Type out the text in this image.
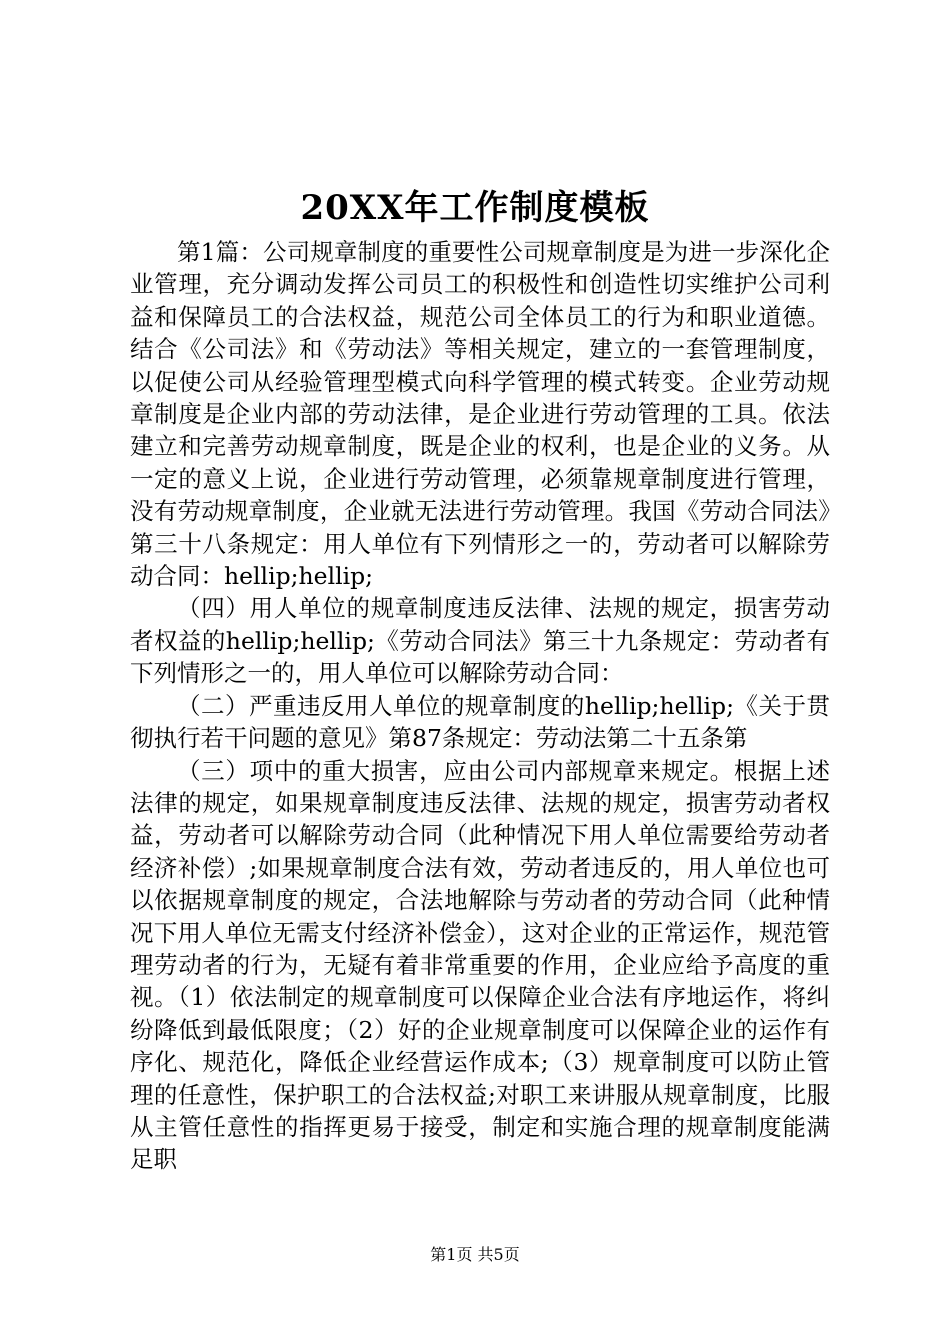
20XX年工作制度模板

第1篇：公司规章制度的重要性公司规章制度是为进一步深化企业管理，充分调动发挥公司员工的积极性和创造性切实维护公司利益和保障员工的合法权益，规范公司全体员工的行为和职业道德。结合《公司法》和《劳动法》等相关规定，建立的一套管理制度，以促使公司从经验管理型模式向科学管理的模式转变。企业劳动规章制度是企业内部的劳动法律，是企业进行劳动管理的工具。依法建立和完善劳动规章制度，既是企业的权利，也是企业的义务。从一定的意义上说，企业进行劳动管理，必须靠规章制度进行管理，没有劳动规章制度，企业就无法进行劳动管理。我国《劳动合同法》第三十八条规定：用人单位有下列情形之一的，劳动者可以解除劳动合同：hellip;hellip;

（四）用人单位的规章制度违反法律、法规的规定，损害劳动者权益的hellip;hellip;《劳动合同法》第三十九条规定：劳动者有下列情形之一的，用人单位可以解除劳动合同：

（二）严重违反用人单位的规章制度的hellip;hellip;《关于贯彻执行若干问题的意见》第87条规定：劳动法第二十五条第

（三）项中的重大损害，应由公司内部规章来规定。根据上述法律的规定，如果规章制度违反法律、法规的规定，损害劳动者权益，劳动者可以解除劳动合同（此种情况下用人单位需要给劳动者经济补偿）;如果规章制度合法有效，劳动者违反的，用人单位也可以依据规章制度的规定，合法地解除与劳动者的劳动合同（此种情况下用人单位无需支付经济补偿金），这对企业的正常运作，规范管理劳动者的行为，无疑有着非常重要的作用，企业应给予高度的重视。（1）依法制定的规章制度可以保障企业合法有序地运作，将纠纷降低到最低限度；（2）好的企业规章制度可以保障企业的运作有序化、规范化，降低企业经营运作成本;（3）规章制度可以防止管理的任意性，保护职工的合法权益;对职工来讲服从规章制度，比服从主管任意性的指挥更易于接受，制定和实施合理的规章制度能满足职

第1页 共5页
